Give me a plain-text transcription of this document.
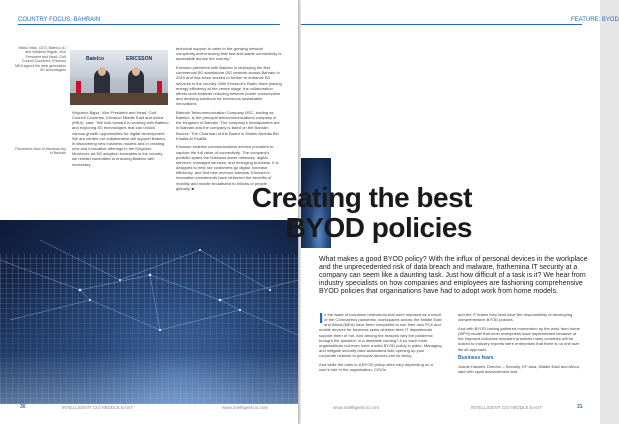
COUNTRY FOCUS: BAHRAIN
Mikko Vitas, CEO, Batelco (L) and Wadiesh Bajpai, Vice President and Head, Gulf Council Countries, Ericsson MEA signed the deal generation 5G technologies
Batelco	ERICSSON

Wojciech Bajsz, Vice President and Head, Gulf Council Countries, Ericsson Middle East and Africa (MEA), said: "We look forward to working with Batelco and exploring 5G technologies that can unlock various growth opportunities for digital development. We are certain our collaboration will support Batelco in discovering new business models and in creating new and innovative offerings in the Kingdom. Moreover, as 5G adoption increases in the country, we remain committed to ensuring Batelco with necessary

Panoramic view of Manama city in Bahrain

technical support to cater to the growing network complexity and ensuring that fast and stable connectivity is accessible across the country."

Ericsson partnered with Batelco in deploying the first commercial 5G standalone (5G network across Bahrain in 2019 and has since worked to further to enhance 5G services in the country. With Ericsson's Radio there placing energy efficiency at the centre stage, the collaboration efforts work towards reducing network power consumption and devising solutions for enormous sustainable innovations.

Bahrain Telecommunication Company BSC, trading as Batelco, is the principal telecommunications company in the Kingdom of Bahrain. The company's headquarters are in Bahrain and the company is listed on the Bahrain Bourse. The Chairman of the Board is Shaikh Abdulla Bin Khalifa Al Khalifa.

Ericsson enables communications service providers to capture the full value of connectivity. The company's portfolio spans the business areas networks, digital services, managed services, and emerging business. It is designed to help our customers go digital, increase efficiency, and find new revenue streams. Ericsson's innovation investments have delivered the benefits of mobility and mobile broadband to billions of people globally. ■

30	INTELLIGENT CIO MIDDLE EAST	www.intelligentcio.com
FEATURE: BYOD
What makes a good BYOD policy? With the influx of personal devices in the workplace and the unprecedented risk of data breach and malware, frathemina IT security at a company can seem like a daunting task. Just how difficult of a task is it? We hear from industry specialists on how companies and employees are fashioning comprehensive BYOD policies that organisations have had to adopt work from home models.

In the wake of lockdown restrictions that were imposed as a result of the Coronavirus pandemic, workspaces across the Middle East and Africa (MEA) have been compelled to use their own PCs and mobile devices for business tasks whether their IT departments support them or not. And among the reasons why the pandemic brought the question: is a desirable coming? A so each more organisations not even have a solid BYOD policy in place. Managing and mitigate security risks associated with opening up your corporate network to personal devices can be tricky.

And while the rules in a BYOD policy often vary depending on a user's role in the organisation, CISOs

and the IT teams they lead have the responsibility of developing comprehensive BYOD policies.

And with BYOD having gathered momentum by the work from home (WFH) model that most enterprises have implemented because of the imposed lockdown standard practices many countries will be looked to industry experts were enterprises that there is no one size fits all approach.

Business fears

Joanie Hackett, Director – Security, EF Asia, Middle East and Africa, said with rapid advancement and

www.intelligentcio.com	INTELLIGENT CIO MIDDLE EAST	31
Creating the best BYOD policies
